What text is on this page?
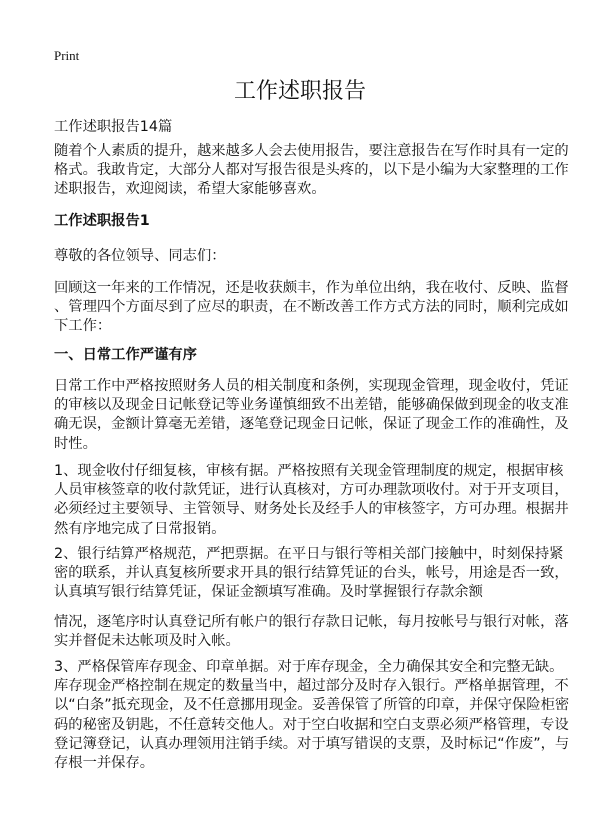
Print
工作述职报告
工作述职报告14篇
随着个人素质的提升，越来越多人会去使用报告，要注意报告在写作时具有一定的
格式。我敢肯定，大部分人都对写报告很是头疼的，以下是小编为大家整理的工作
述职报告，欢迎阅读，希望大家能够喜欢。
工作述职报告1
尊敬的各位领导、同志们：
回顾这一年来的工作情况，还是收获颇丰，作为单位出纳，我在收付、反映、监督
、管理四个方面尽到了应尽的职责，在不断改善工作方式方法的同时，顺利完成如
下工作：
一、日常工作严谨有序
日常工作中严格按照财务人员的相关制度和条例，实现现金管理，现金收付，凭证
的审核以及现金日记帐登记等业务谨慎细致不出差错，能够确保做到现金的收支准
确无误，金额计算毫无差错，逐笔登记现金日记帐，保证了现金工作的准确性，及
时性。
1、现金收付仔细复核，审核有据。严格按照有关现金管理制度的规定，根据审核
人员审核签章的收付款凭证，进行认真核对，方可办理款项收付。对于开支项目，
必须经过主要领导、主管领导、财务处长及经手人的审核签字，方可办理。根据井
然有序地完成了日常报销。
2、银行结算严格规范，严把票据。在平日与银行等相关部门接触中，时刻保持紧
密的联系，并认真复核所要求开具的银行结算凭证的台头，帐号，用途是否一致，
认真填写银行结算凭证，保证金额填写准确。及时掌握银行存款余额
情况，逐笔序时认真登记所有帐户的银行存款日记帐，每月按帐号与银行对帐，落
实并督促未达帐项及时入帐。
3、严格保管库存现金、印章单据。对于库存现金，全力确保其安全和完整无缺。
库存现金严格控制在规定的数量当中，超过部分及时存入银行。严格单据管理，不
以“白条”抵充现金，及不任意挪用现金。妥善保管了所管的印章，并保守保险柜密
码的秘密及钥匙，不任意转交他人。对于空白收据和空白支票必须严格管理，专设
登记簿登记，认真办理领用注销手续。对于填写错误的支票，及时标记“作废”，与
存根一并保存。
